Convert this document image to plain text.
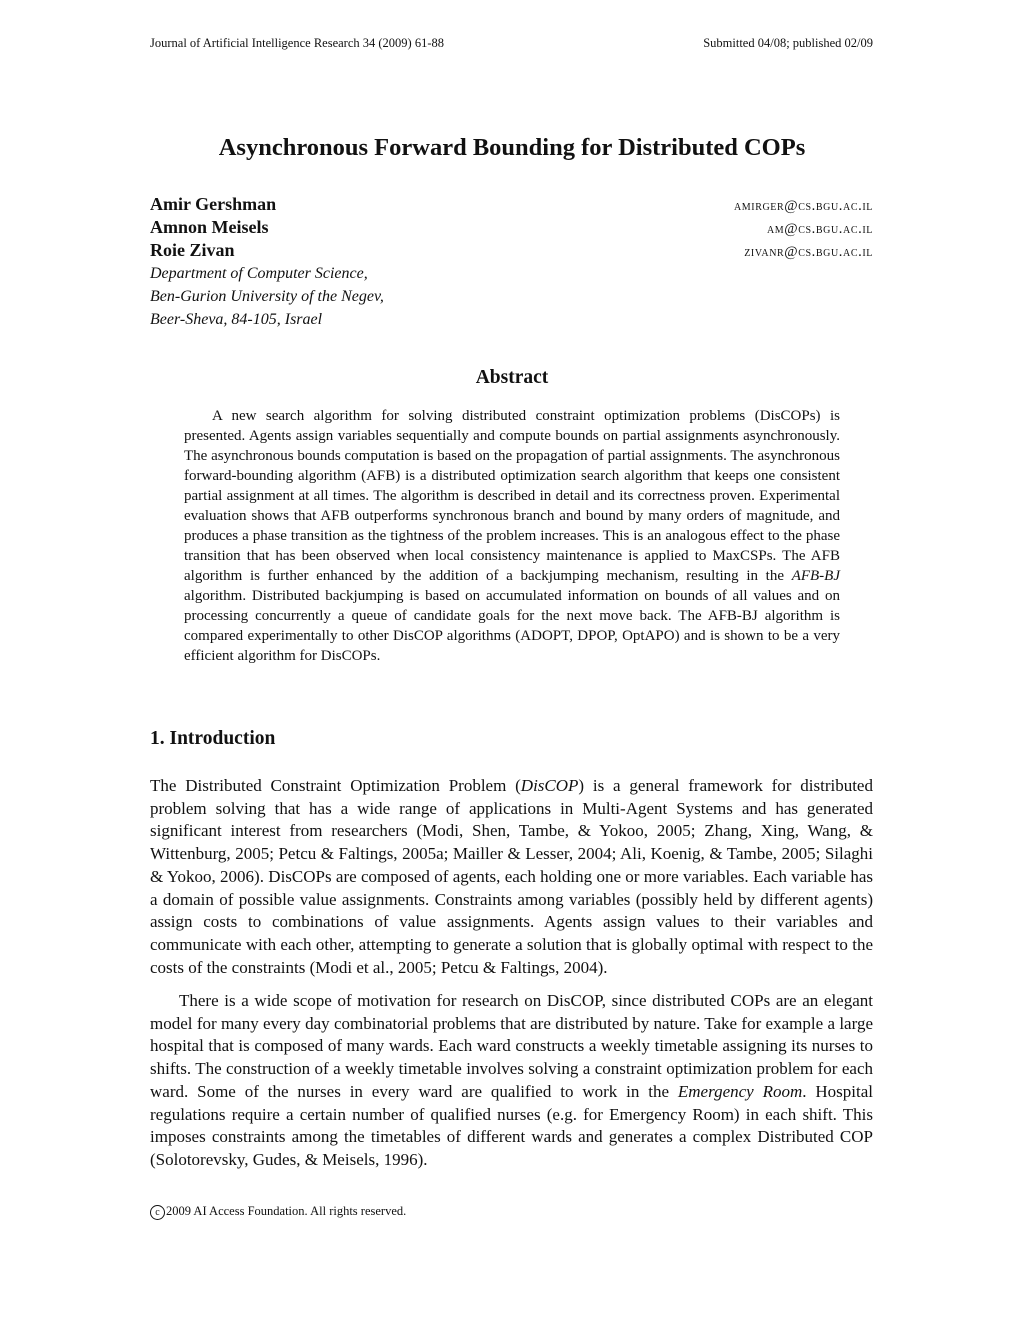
Journal of Artificial Intelligence Research 34 (2009) 61-88	Submitted 04/08; published 02/09
Asynchronous Forward Bounding for Distributed COPs
Amir Gershman
Amnon Meisels
Roie Zivan
amirger@cs.bgu.ac.il
am@cs.bgu.ac.il
zivanr@cs.bgu.ac.il
Department of Computer Science,
Ben-Gurion University of the Negev,
Beer-Sheva, 84-105, Israel
Abstract
A new search algorithm for solving distributed constraint optimization problems (DisCOPs) is presented. Agents assign variables sequentially and compute bounds on partial assignments asynchronously. The asynchronous bounds computation is based on the propagation of partial assignments. The asynchronous forward-bounding algorithm (AFB) is a distributed optimization search algorithm that keeps one consistent partial assignment at all times. The algorithm is described in detail and its correctness proven. Experimental evaluation shows that AFB outperforms synchronous branch and bound by many orders of magnitude, and produces a phase transition as the tightness of the problem increases. This is an analogous effect to the phase transition that has been observed when local consistency maintenance is applied to MaxCSPs. The AFB algorithm is further enhanced by the addition of a backjumping mechanism, resulting in the AFB-BJ algorithm. Distributed backjumping is based on accumulated information on bounds of all values and on processing concurrently a queue of candidate goals for the next move back. The AFB-BJ algorithm is compared experimentally to other DisCOP algorithms (ADOPT, DPOP, OptAPO) and is shown to be a very efficient algorithm for DisCOPs.
1. Introduction
The Distributed Constraint Optimization Problem (DisCOP) is a general framework for distributed problem solving that has a wide range of applications in Multi-Agent Systems and has generated significant interest from researchers (Modi, Shen, Tambe, & Yokoo, 2005; Zhang, Xing, Wang, & Wittenburg, 2005; Petcu & Faltings, 2005a; Mailler & Lesser, 2004; Ali, Koenig, & Tambe, 2005; Silaghi & Yokoo, 2006). DisCOPs are composed of agents, each holding one or more variables. Each variable has a domain of possible value assignments. Constraints among variables (possibly held by different agents) assign costs to combinations of value assignments. Agents assign values to their variables and communicate with each other, attempting to generate a solution that is globally optimal with respect to the costs of the constraints (Modi et al., 2005; Petcu & Faltings, 2004).
There is a wide scope of motivation for research on DisCOP, since distributed COPs are an elegant model for many every day combinatorial problems that are distributed by nature. Take for example a large hospital that is composed of many wards. Each ward constructs a weekly timetable assigning its nurses to shifts. The construction of a weekly timetable involves solving a constraint optimization problem for each ward. Some of the nurses in every ward are qualified to work in the Emergency Room. Hospital regulations require a certain number of qualified nurses (e.g. for Emergency Room) in each shift. This imposes constraints among the timetables of different wards and generates a complex Distributed COP (Solotorevsky, Gudes, & Meisels, 1996).
c 2009 AI Access Foundation. All rights reserved.
